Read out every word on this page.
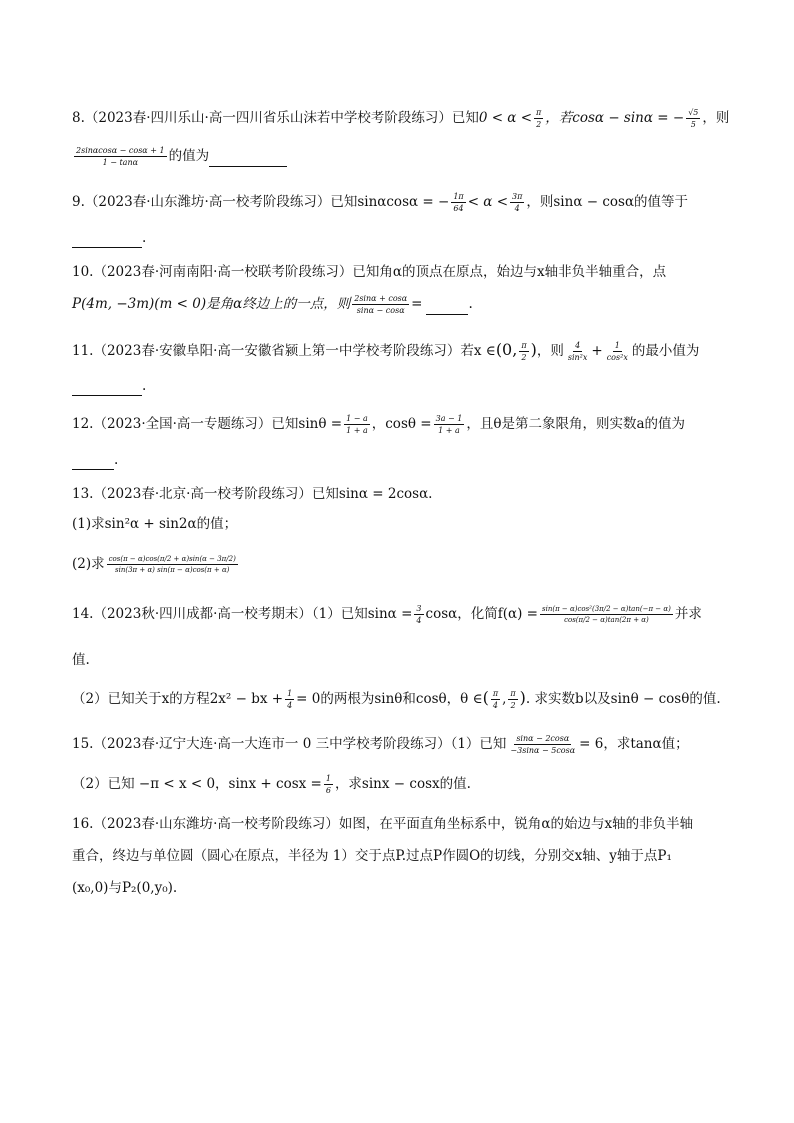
8.（2023春·四川乐山·高一四川省乐山沫若中学校考阶段练习）已知$0 < \alpha < \frac{\pi}{2}$ ，若cosα − sinα = − $\frac{√5}{5}$ ，则
$\frac{2\sin\alpha\cos\alpha - \cos\alpha + 1}{1 - \tan\alpha}$ 的值为
9.（2023春·山东潍坊·高一校考阶段练习）已知sinαcosα = − $\frac{1\pi}{64} < \alpha < \frac{3\pi}{4}$ ，则sinα − cosα的值等于
.
10.（2023春·河南南阳·高一校联考阶段练习）已知角α的顶点在原点，始边与x轴非负半轴重合，点
P(4m, −3m)(m < 0)是角α终边上的一点，则 $\frac{2\sin\alpha + \cos\alpha}{\sin\alpha - \cos\alpha}$ =	.
11.（2023春·安徽阜阳·高一安徽省颍上第一中学校考阶段练习）若x ∈(0, $\frac{\pi}{2}$ )，则 $\frac{4}{\text{sin²x}} + \frac{1}{\text{cos²x}}$ 的最小值为
.
12.（2023·全国·高一专题练习）已知$\sin\theta = \frac{1 - a}{1 + a}$ ，$\cos\theta = \frac{3a - 1}{1 + a}$ ，且θ是第二象限角，则实数a的值为
.
13.（2023春·北京·高一校考阶段练习）已知sinα = 2cosα.
(1)求sin²α + sin2α的值；
(2)求 $\frac{\cos(\pi - \alpha)\cos(\pi/2 + \alpha)\sin(\alpha - 3\pi/2)}{\sin(3\pi + \alpha) \sin(\pi - \alpha)\cos(\pi + \alpha)}$
14.（2023秋·四川成都·高一校考期末）（1）已知$\sin\alpha = \frac{3}{4}$ cosα，化简$f(\alpha) = \frac{\text{sin(π − α)cos²(3π/2 − α)tan(−π − α)}}{\cos(\pi/2 - \alpha)\tan(2\pi + \alpha)}$ 并求
值.
（2）已知关于x的方程2x² − bx + $\frac{1}{4} = 0$的两根为sinθ和cosθ，θ ∈( $\frac{\pi}{4}$ , $\frac{\pi}{2}$ ). 求实数b以及sinθ − cosθ的值.
15.（2023春·辽宁大连·高一大连市一 0 三中学校考阶段练习）（1）已知 $\frac{\sin\alpha - 2\cos\alpha}{-3\sin\alpha - 5\cos\alpha} = 6$，求tanα值；
（2）已知 −π < x < 0，$\sin x + \cos x = \frac{1}{6}$ ，求sinx − cosx的值.
16.（2023春·山东潍坊·高一校考阶段练习）如图，在平面直角坐标系中，锐角α的始边与x轴的非负半轴
重合，终边与单位圆（圆心在原点，半径为 1）交于点P.过点P作圆O的切线，分别交x轴、y轴于点P₁
(x₀,0)与P₂(0,y₀).
